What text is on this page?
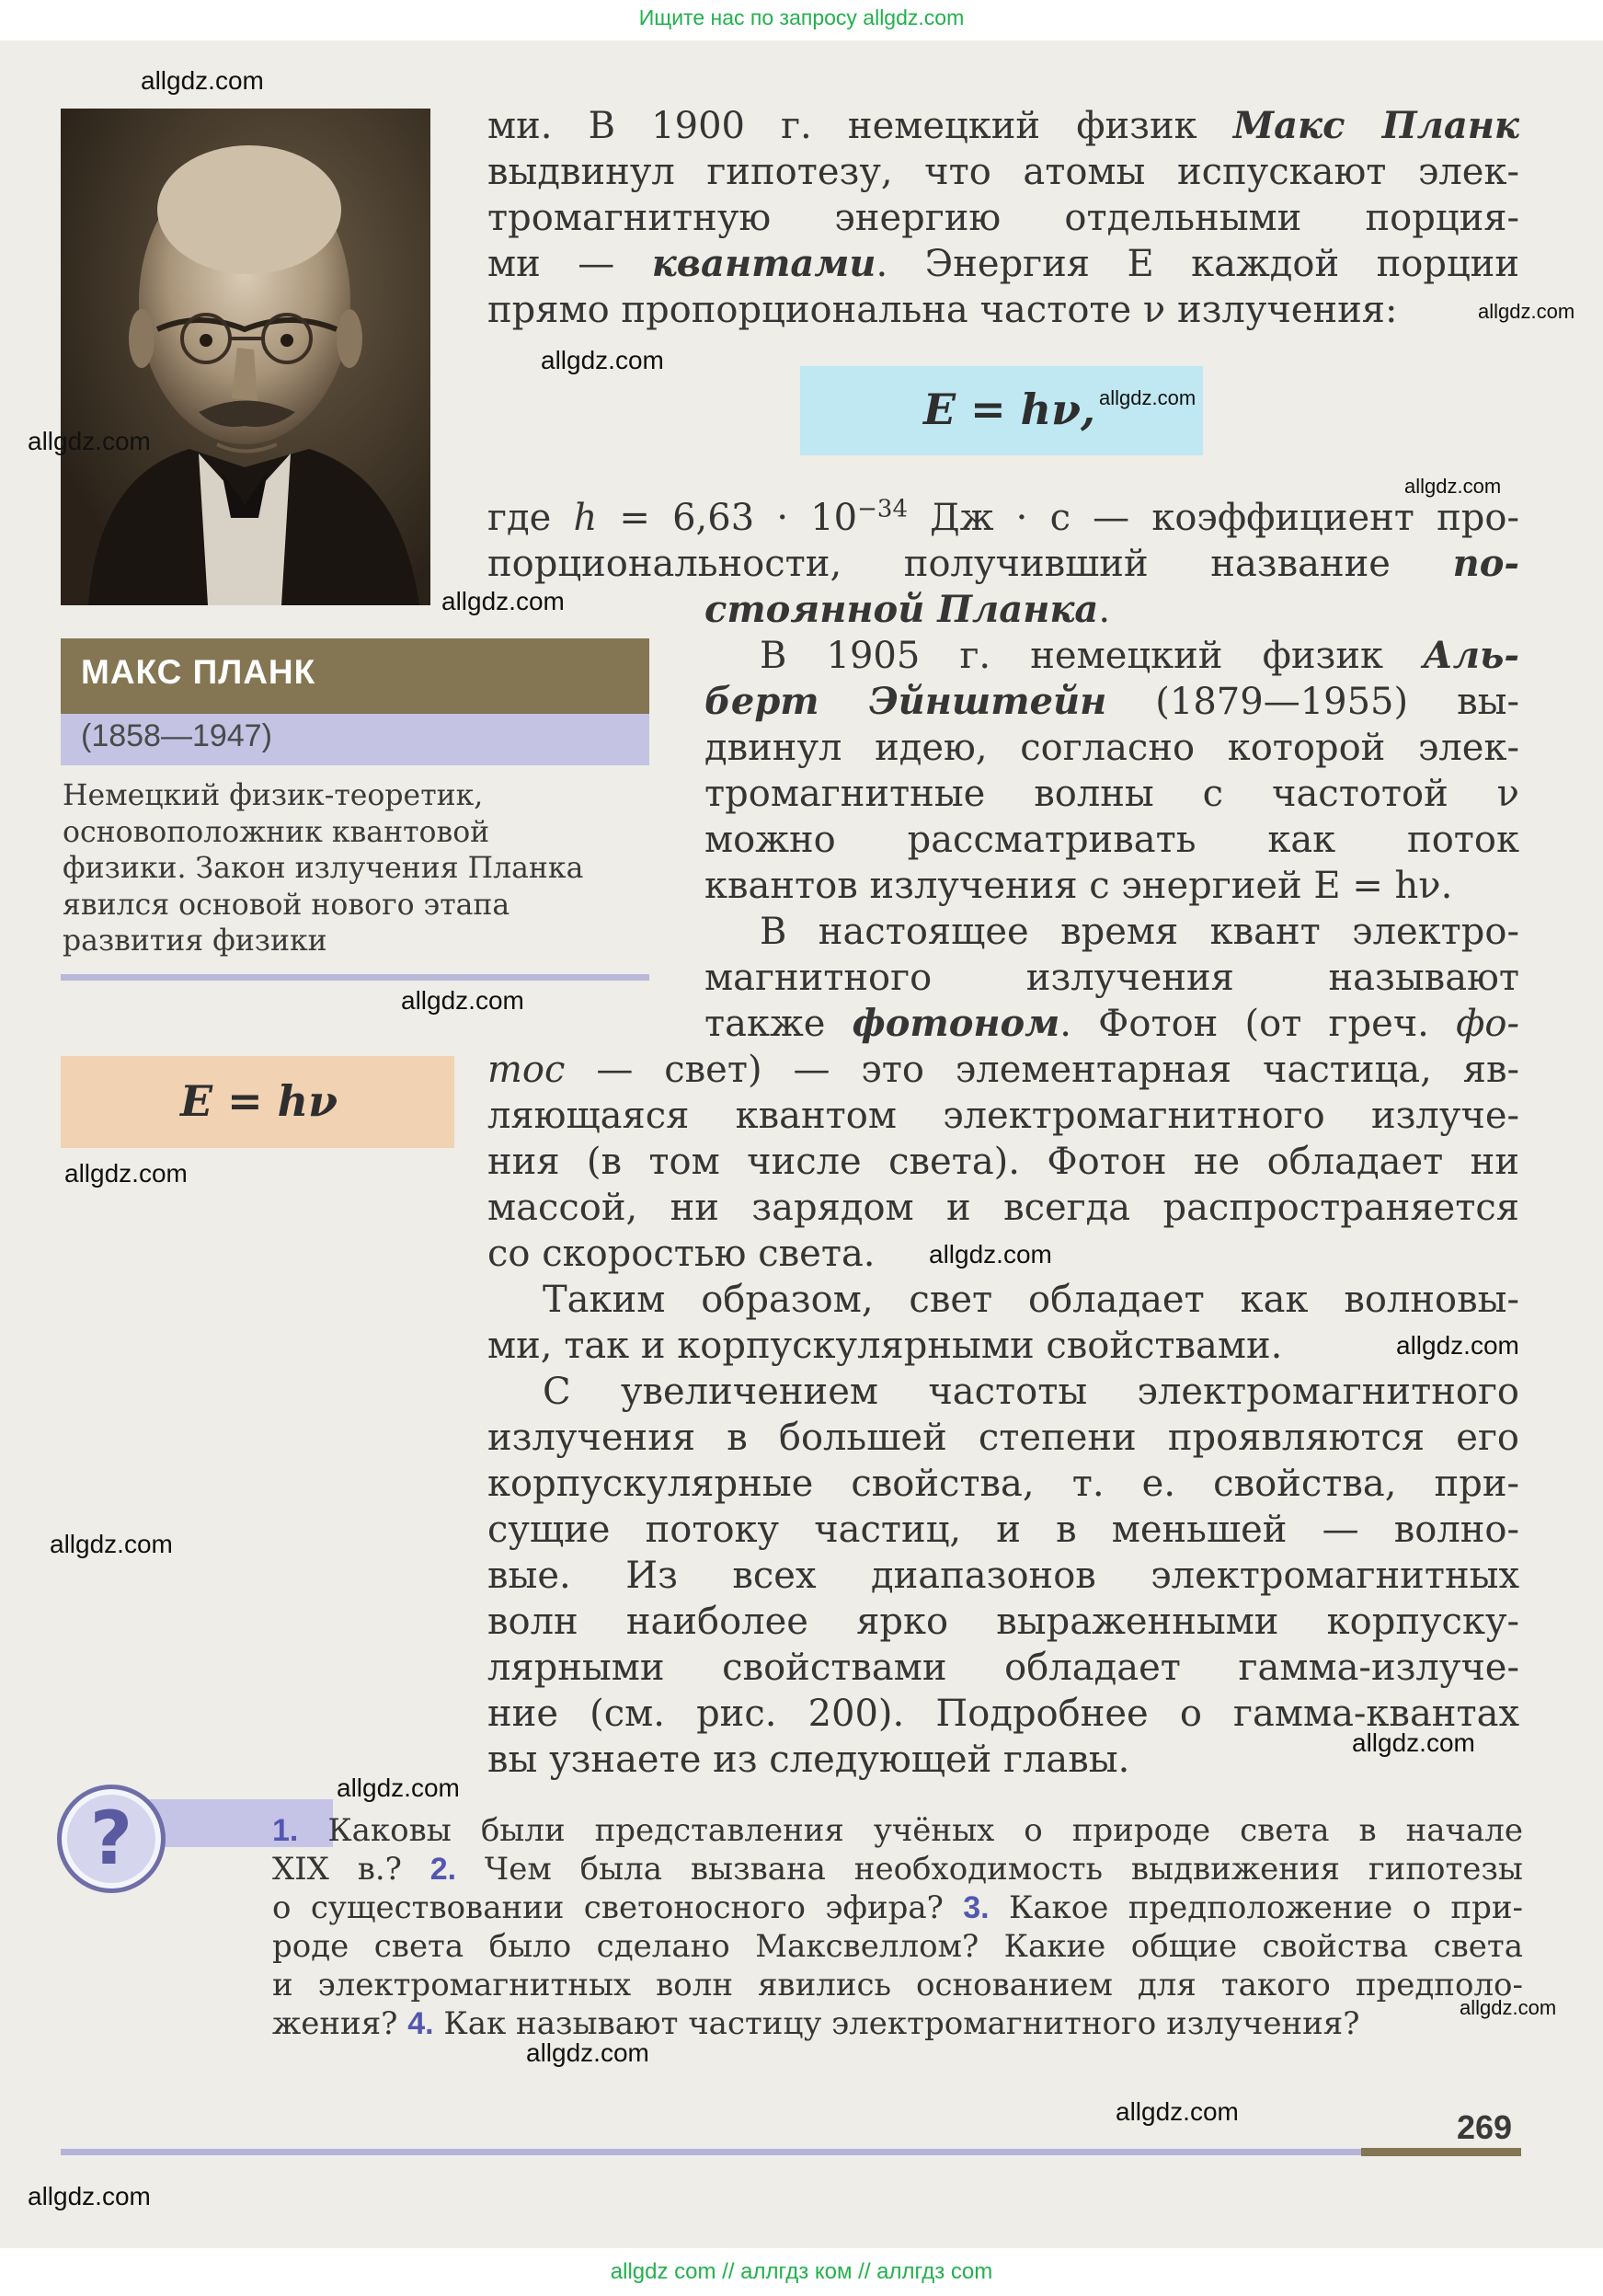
Ищите нас по запросу allgdz.com
МАКС ПЛАНК
(1858—1947)
Немецкий физик-теоретик,
основоположник квантовой
физики. Закон излучения Планка
явился основой нового этапа
развития физики
E = hν
ми. В 1900 г. немецкий физик Макс Планк
выдвинул гипотезу, что атомы испускают элек-
тромагнитную энергию отдельными порция-
ми — квантами. Энергия E каждой порции
прямо пропорциональна частоте ν излучения:
E = hν,
где $h = 6,63 \cdot 10^{-34}$ Дж · с — коэффициент про-
порциональности, получивший название по-
стоянной Планка.
В 1905 г. немецкий физик Аль-
берт Эйнштейн (1879—1955) вы-
двинул идею, согласно которой элек-
тромагнитные волны с частотой ν
можно рассматривать как поток
квантов излучения с энергией E = hν.
В настоящее время квант электро-
магнитного излучения называют
также фотоном. Фотон (от греч. фо-
тос — свет) — это элементарная частица, яв-
ляющаяся квантом электромагнитного излуче-
ния (в том числе света). Фотон не обладает ни
массой, ни зарядом и всегда распространяется
со скоростью света.
Таким образом, свет обладает как волновы-
ми, так и корпускулярными свойствами.
С увеличением частоты электромагнитного
излучения в большей степени проявляются его
корпускулярные свойства, т. е. свойства, при-
сущие потоку частиц, и в меньшей — волно-
вые. Из всех диапазонов электромагнитных
волн наиболее ярко выраженными корпуску-
лярными свойствами обладает гамма-излуче-
ние (см. рис. 200). Подробнее о гамма-квантах
вы узнаете из следующей главы.
?	1. Каковы были представления учёных о природе света в начале
XIX в.? 2. Чем была вызвана необходимость выдвижения гипотезы
о существовании светоносного эфира? 3. Какое предположение о при-
роде света было сделано Максвеллом? Какие общие свойства света
и электромагнитных волн явились основанием для такого предполо-
жения? 4. Как называют частицу электромагнитного излучения?
269
allgdz.com
allgdz.com
allgdz.com
allgdz.com
allgdz.com
allgdz.com
allgdz.com
allgdz.com
allgdz.com
allgdz.com
allgdz.com
allgdz.com
allgdz.com
allgdz.com
allgdz.com
allgdz.com
allgdz.com
allgdz.com
allgdz com // аллгдз ком // аллгдз com
